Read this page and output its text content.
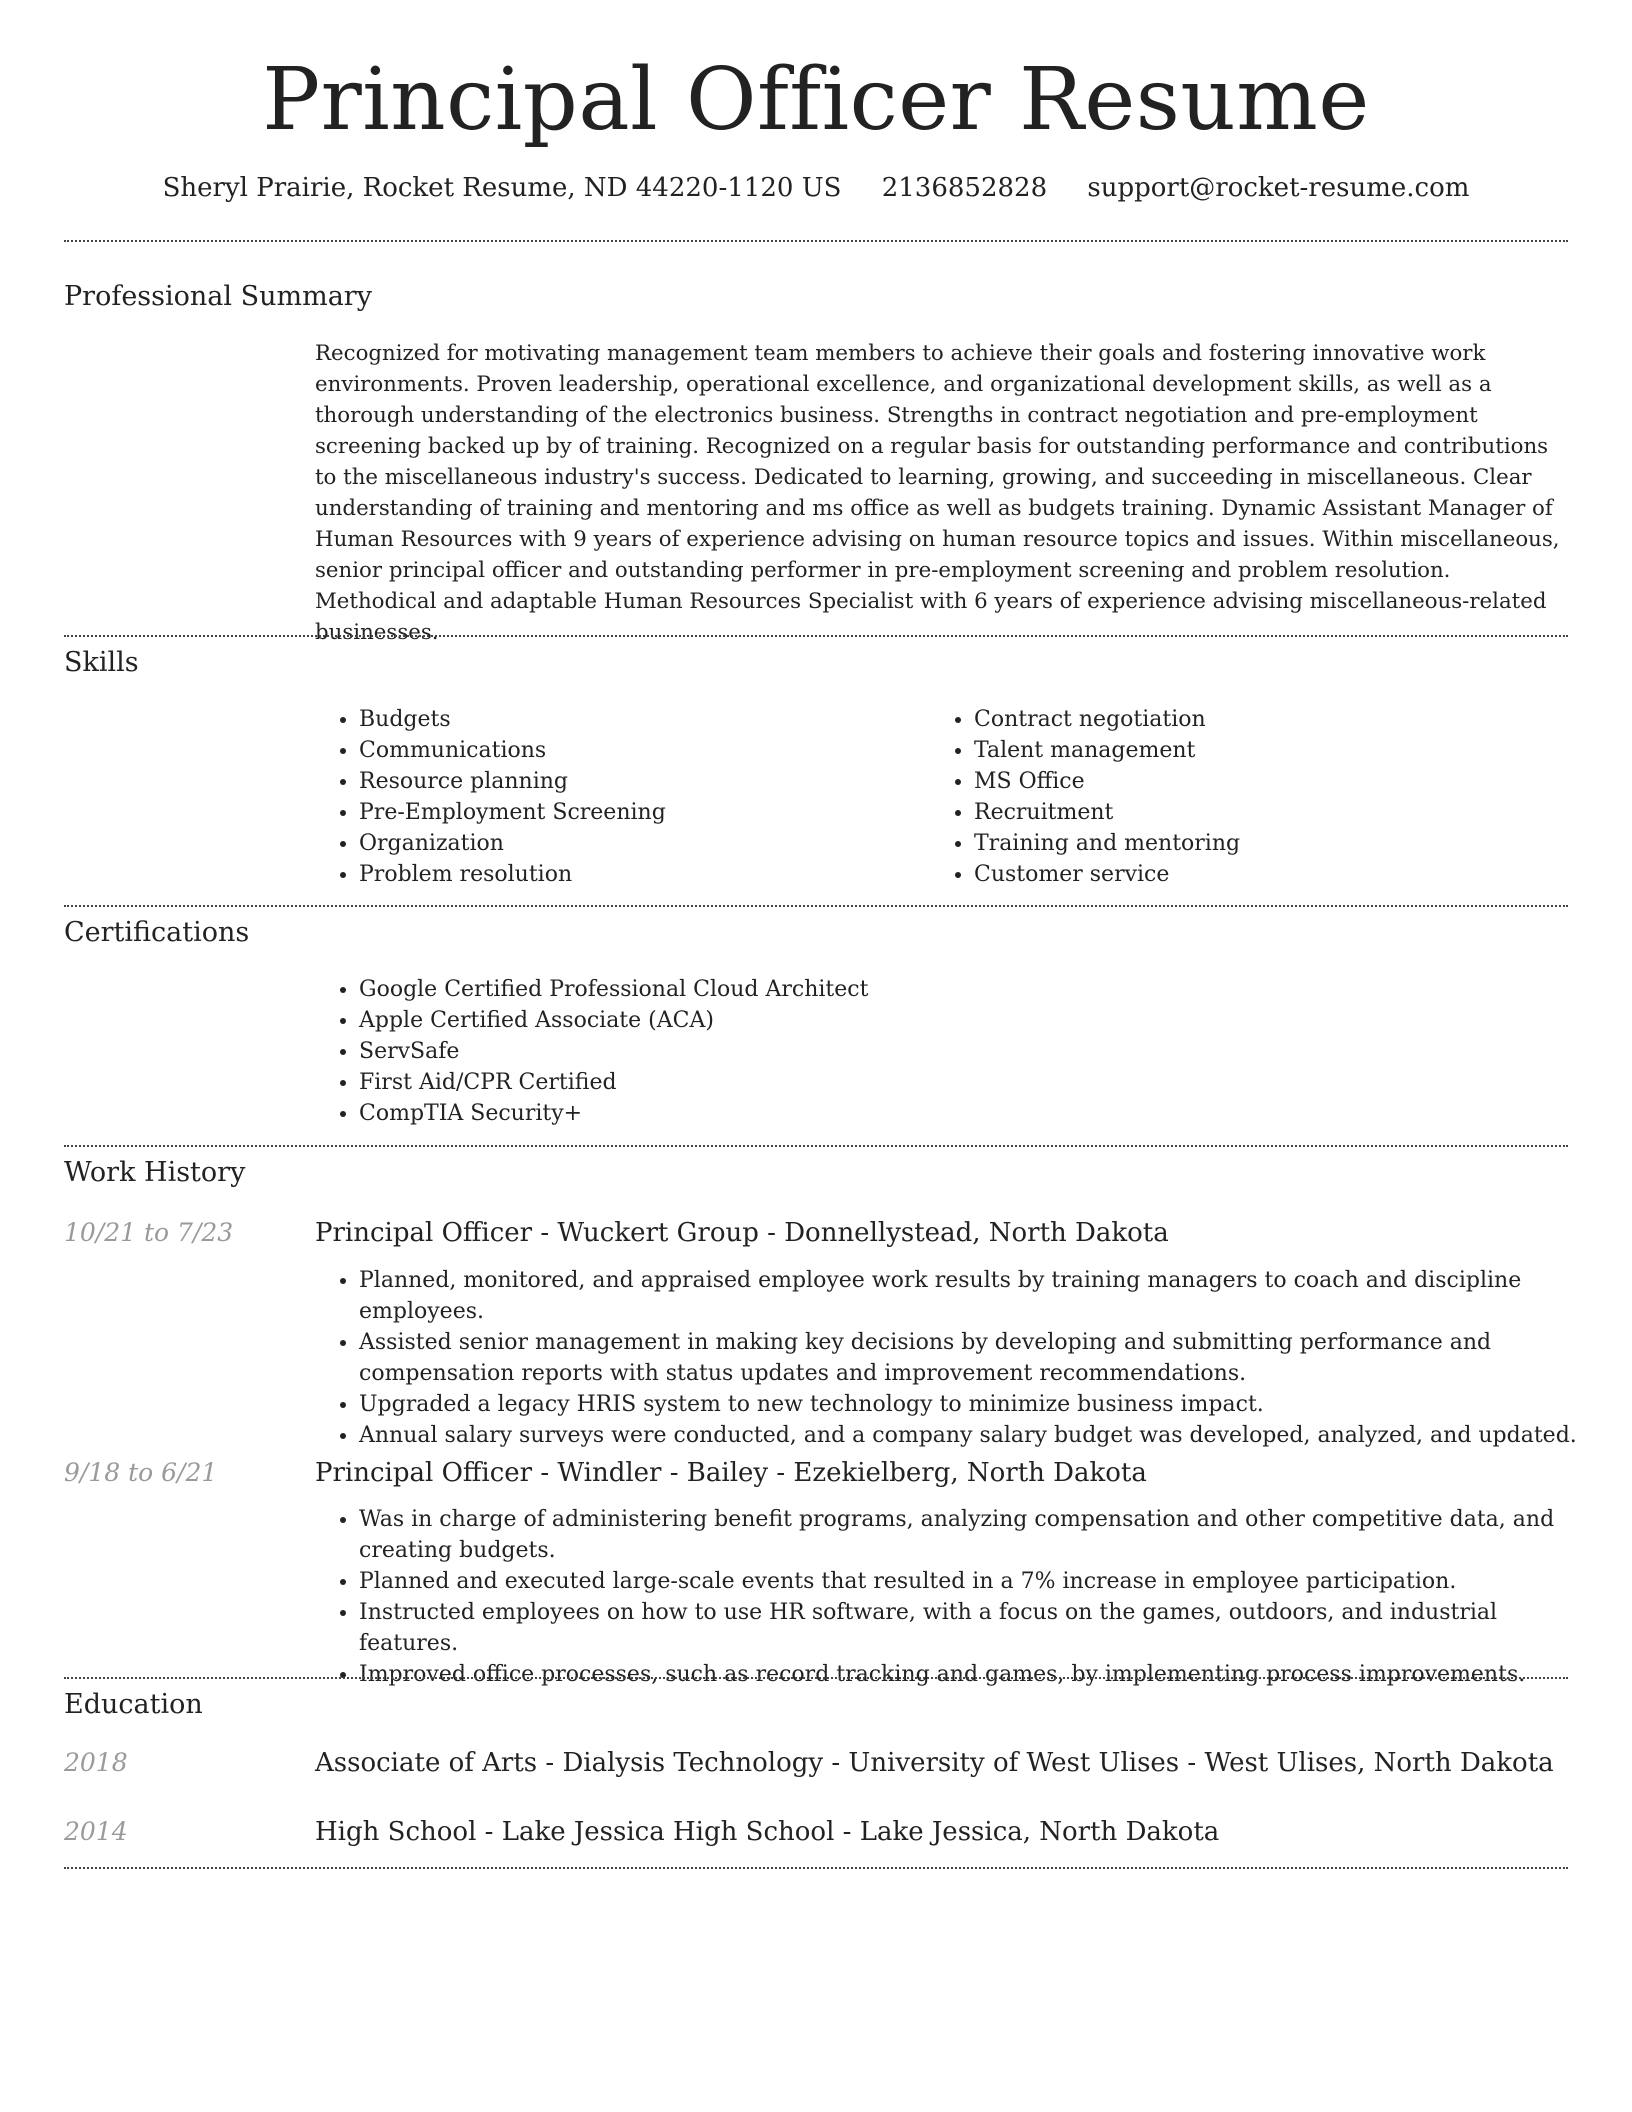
Principal Officer Resume
Sheryl Prairie, Rocket Resume, ND 44220-1120 US 2136852828 support@rocket-resume.com
Professional Summary
Recognized for motivating management team members to achieve their goals and fostering innovative work environments. Proven leadership, operational excellence, and organizational development skills, as well as a thorough understanding of the electronics business. Strengths in contract negotiation and pre-employment screening backed up by of training. Recognized on a regular basis for outstanding performance and contributions to the miscellaneous industry's success. Dedicated to learning, growing, and succeeding in miscellaneous. Clear understanding of training and mentoring and ms office as well as budgets training. Dynamic Assistant Manager of Human Resources with 9 years of experience advising on human resource topics and issues. Within miscellaneous, senior principal officer and outstanding performer in pre-employment screening and problem resolution. Methodical and adaptable Human Resources Specialist with 6 years of experience advising miscellaneous-related businesses.
Skills
• Budgets
• Communications
• Resource planning
• Pre-Employment Screening
• Organization
• Problem resolution
• Contract negotiation
• Talent management
• MS Office
• Recruitment
• Training and mentoring
• Customer service
Certifications
• Google Certified Professional Cloud Architect
• Apple Certified Associate (ACA)
• ServSafe
• First Aid/CPR Certified
• CompTIA Security+
Work History
10/21 to 7/23	Principal Officer - Wuckert Group - Donnellystead, North Dakota
• Planned, monitored, and appraised employee work results by training managers to coach and discipline employees.
• Assisted senior management in making key decisions by developing and submitting performance and compensation reports with status updates and improvement recommendations.
• Upgraded a legacy HRIS system to new technology to minimize business impact.
• Annual salary surveys were conducted, and a company salary budget was developed, analyzed, and updated.
9/18 to 6/21	Principal Officer - Windler - Bailey - Ezekielberg, North Dakota
• Was in charge of administering benefit programs, analyzing compensation and other competitive data, and creating budgets.
• Planned and executed large-scale events that resulted in a 7% increase in employee participation.
• Instructed employees on how to use HR software, with a focus on the games, outdoors, and industrial features.
• Improved office processes, such as record tracking and games, by implementing process improvements.
Education
2018	Associate of Arts - Dialysis Technology - University of West Ulises - West Ulises, North Dakota
2014	High School - Lake Jessica High School - Lake Jessica, North Dakota
